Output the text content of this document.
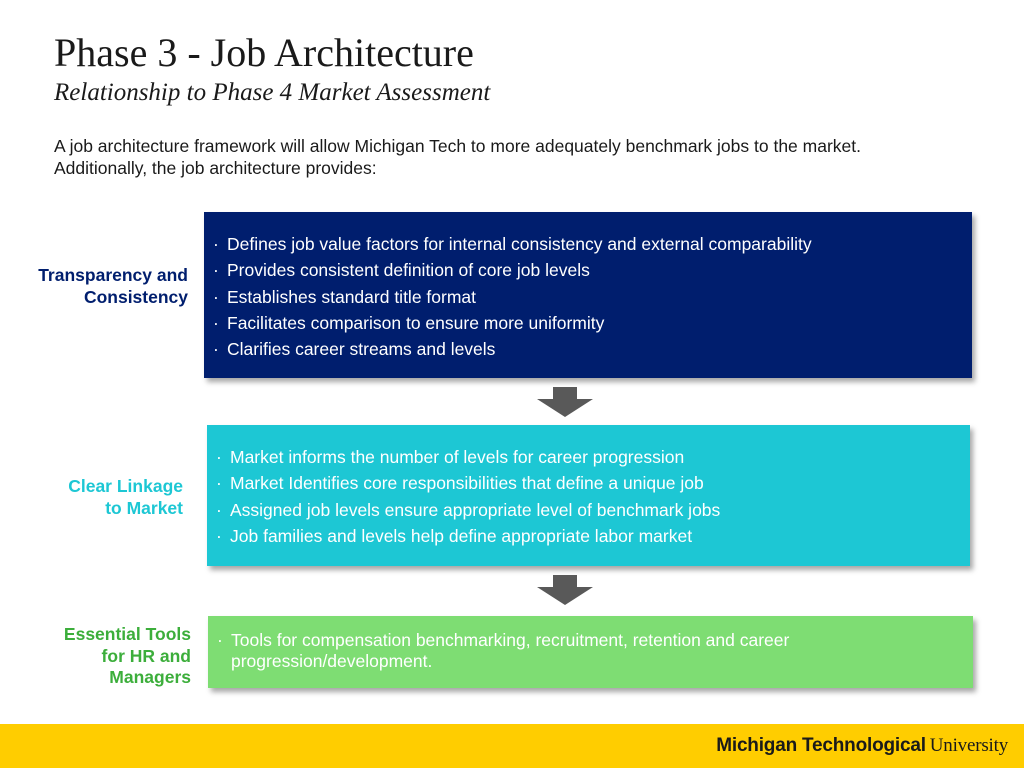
Phase 3 - Job Architecture
Relationship to Phase 4 Market Assessment
A job architecture framework will allow Michigan Tech to more adequately benchmark jobs to the market.
Additionally, the job architecture provides:
Transparency and
Consistency
· Defines job value factors for internal consistency and external comparability
· Provides consistent definition of core job levels
· Establishes standard title format
· Facilitates comparison to ensure more uniformity
· Clarifies career streams and levels
Clear Linkage
to Market
· Market informs the number of levels for career progression
· Market Identifies core responsibilities that define a unique job
· Assigned job levels ensure appropriate level of benchmark jobs
· Job families and levels help define appropriate labor market
Essential Tools
for HR and
Managers
· Tools for compensation benchmarking, recruitment, retention and career progression/development.
Michigan Technological University
